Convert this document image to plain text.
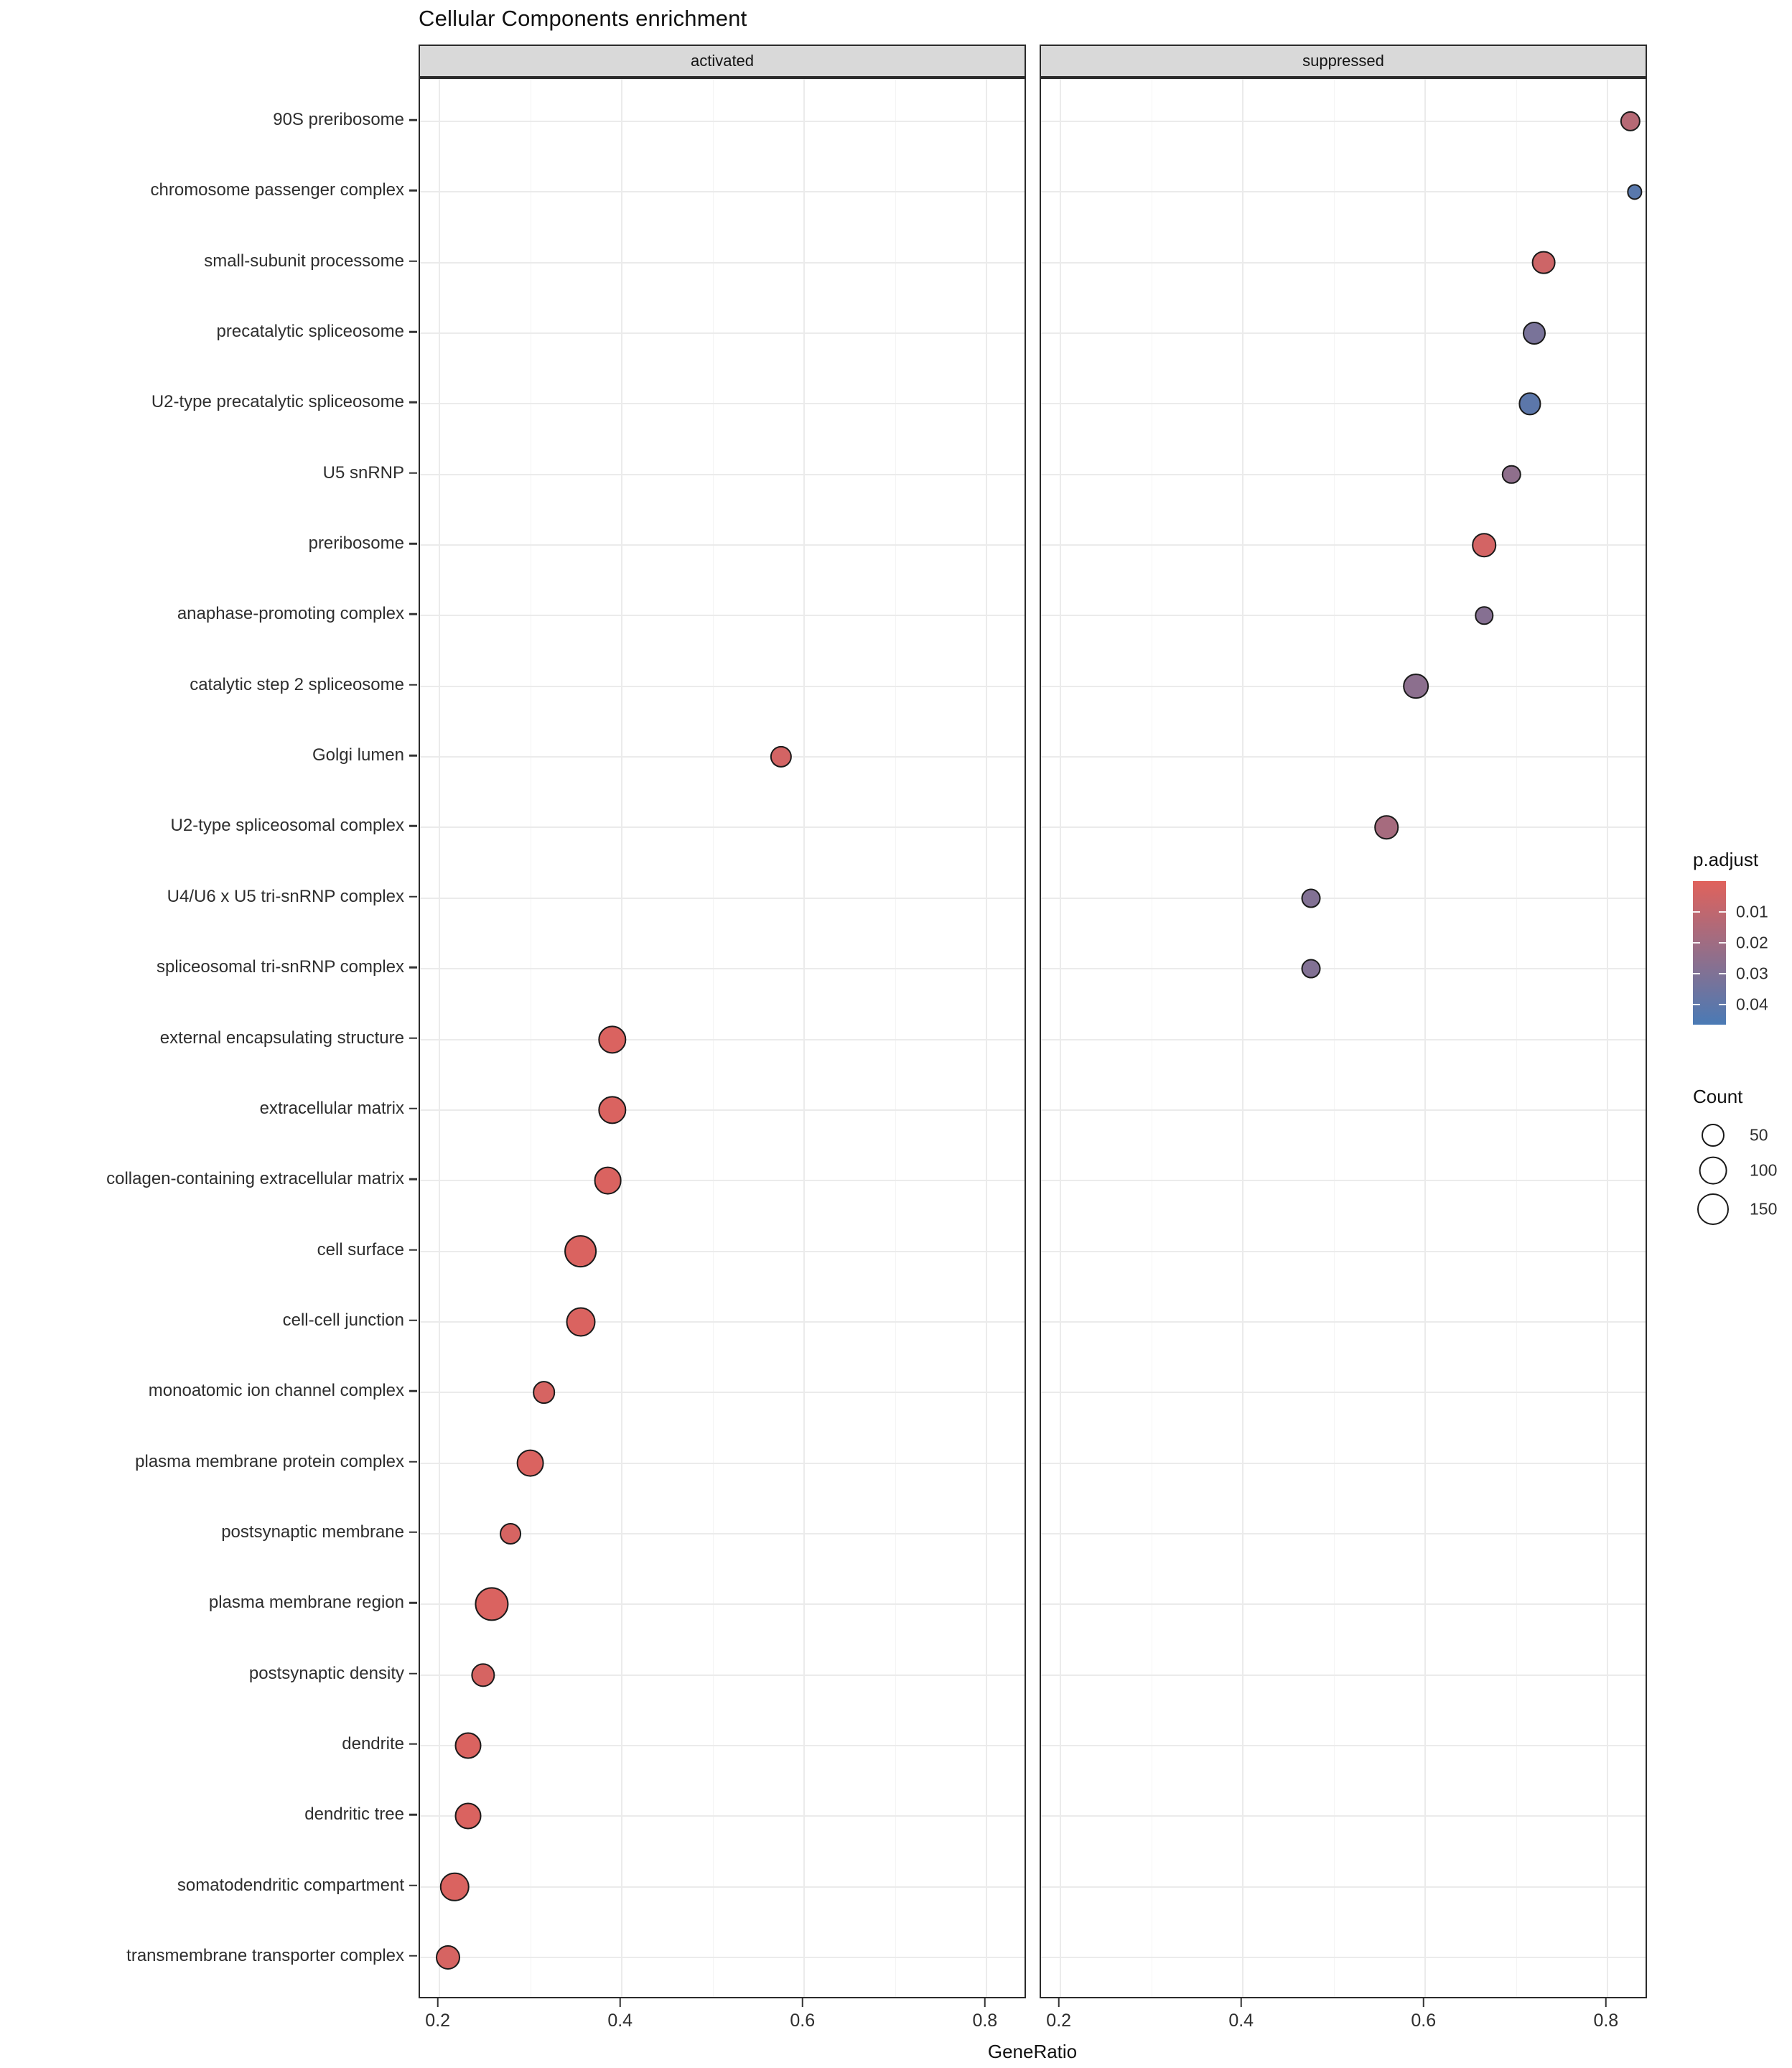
Cellular Components enrichment
activated	suppressed
90S preribosome
chromosome passenger complex
small-subunit processome
precatalytic spliceosome
U2-type precatalytic spliceosome
U5 snRNP
preribosome
anaphase-promoting complex
catalytic step 2 spliceosome
Golgi lumen
U2-type spliceosomal complex
U4/U6 x U5 tri-snRNP complex
spliceosomal tri-snRNP complex
external encapsulating structure
extracellular matrix
collagen-containing extracellular matrix
cell surface
cell-cell junction
monoatomic ion channel complex
plasma membrane protein complex
postsynaptic membrane
plasma membrane region
postsynaptic density
dendrite
dendritic tree
somatodendritic compartment
transmembrane transporter complex
0.2	0.4	0.6	0.8	0.2	0.4	0.6	0.8
GeneRatio
p.adjust
0.01
0.02
0.03
0.04
Count
50
100
150
